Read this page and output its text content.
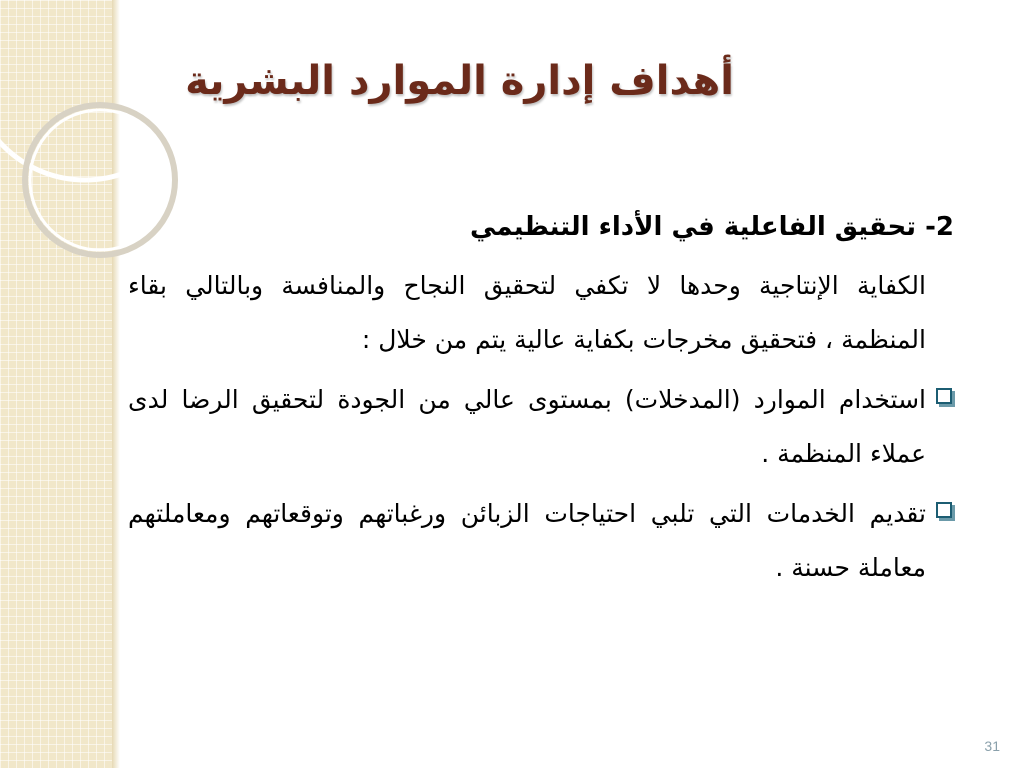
أهداف إدارة الموارد البشرية
2- تحقيق الفاعلية في الأداء التنظيمي
الكفاية الإنتاجية وحدها لا تكفي لتحقيق النجاح والمنافسة وبالتالي بقاء المنظمة ، فتحقيق مخرجات بكفاية عالية يتم من خلال :
استخدام الموارد (المدخلات) بمستوى عالي من الجودة لتحقيق الرضا لدى عملاء المنظمة .
تقديم الخدمات التي تلبي احتياجات الزبائن ورغباتهم وتوقعاتهم ومعاملتهم معاملة حسنة .
31
